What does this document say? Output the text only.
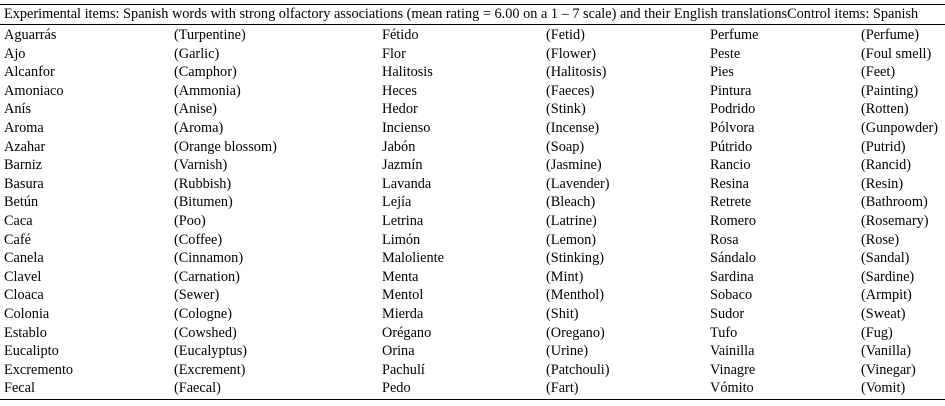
Experimental items: Spanish words with strong olfactory associations (mean rating = 6.00 on a 1 – 7 scale) and their English translationsControl items: Spanish
Aguarrás	(Turpentine)	Fétido	(Fetid)	Perfume	(Perfume)
Ajo	(Garlic)	Flor	(Flower)	Peste	(Foul smell)
Alcanfor	(Camphor)	Halitosis	(Halitosis)	Pies	(Feet)
Amoniaco	(Ammonia)	Heces	(Faeces)	Pintura	(Painting)
Anís	(Anise)	Hedor	(Stink)	Podrido	(Rotten)
Aroma	(Aroma)	Incienso	(Incense)	Pólvora	(Gunpowder)
Azahar	(Orange blossom)	Jabón	(Soap)	Pútrido	(Putrid)
Barniz	(Varnish)	Jazmín	(Jasmine)	Rancio	(Rancid)
Basura	(Rubbish)	Lavanda	(Lavender)	Resina	(Resin)
Betún	(Bitumen)	Lejía	(Bleach)	Retrete	(Bathroom)
Caca	(Poo)	Letrina	(Latrine)	Romero	(Rosemary)
Café	(Coffee)	Limón	(Lemon)	Rosa	(Rose)
Canela	(Cinnamon)	Maloliente	(Stinking)	Sándalo	(Sandal)
Clavel	(Carnation)	Menta	(Mint)	Sardina	(Sardine)
Cloaca	(Sewer)	Mentol	(Menthol)	Sobaco	(Armpit)
Colonia	(Cologne)	Mierda	(Shit)	Sudor	(Sweat)
Establo	(Cowshed)	Orégano	(Oregano)	Tufo	(Fug)
Eucalipto	(Eucalyptus)	Orina	(Urine)	Vainilla	(Vanilla)
Excremento	(Excrement)	Pachulí	(Patchouli)	Vinagre	(Vinegar)
Fecal	(Faecal)	Pedo	(Fart)	Vómito	(Vomit)
